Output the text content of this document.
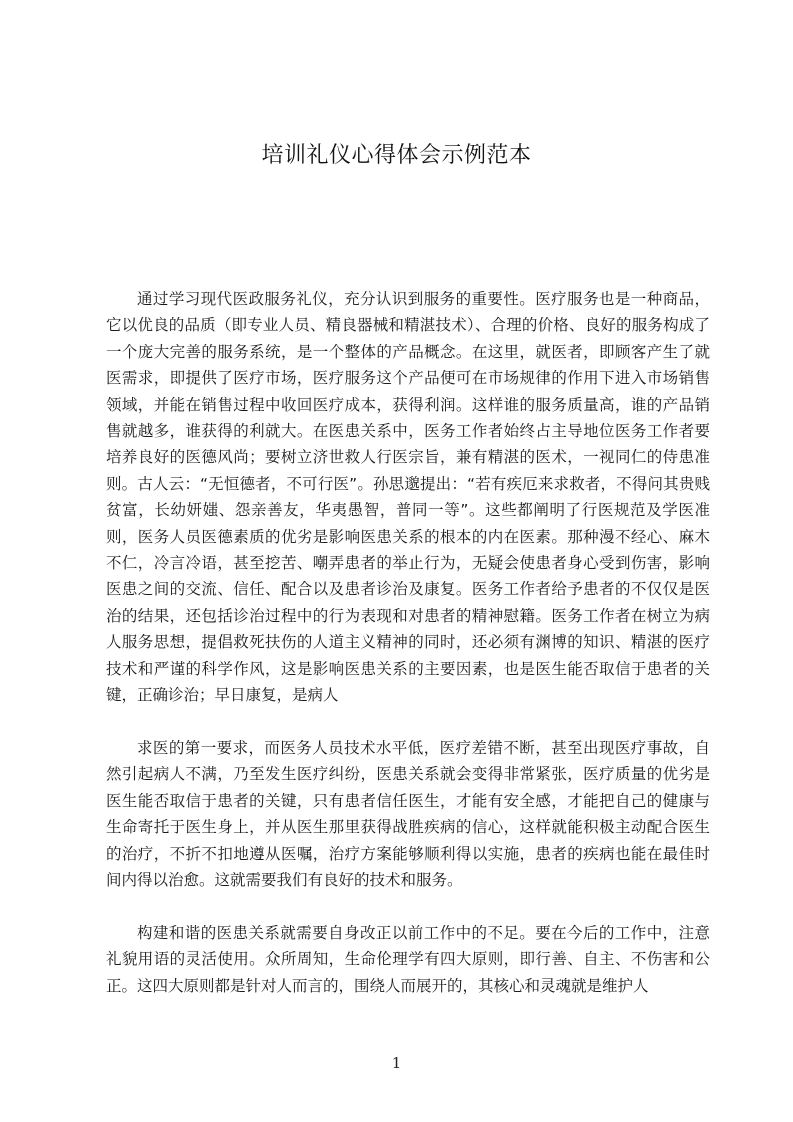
培训礼仪心得体会示例范本

通过学习现代医政服务礼仪，充分认识到服务的重要性。医疗服务也是一种商品，它以优良的品质（即专业人员、精良器械和精湛技术）、合理的价格、良好的服务构成了一个庞大完善的服务系统，是一个整体的产品概念。在这里，就医者，即顾客产生了就医需求，即提供了医疗市场，医疗服务这个产品便可在市场规律的作用下进入市场销售领域，并能在销售过程中收回医疗成本，获得利润。这样谁的服务质量高，谁的产品销售就越多，谁获得的利就大。在医患关系中，医务工作者始终占主导地位医务工作者要培养良好的医德风尚；要树立济世救人行医宗旨，兼有精湛的医术，一视同仁的侍患准则。古人云：“无恒德者，不可行医”。孙思邈提出：“若有疾厄来求救者，不得问其贵贱贫富，长幼妍媸、怨亲善友，华夷愚智，普同一等”。这些都阐明了行医规范及学医准则，医务人员医德素质的优劣是影响医患关系的根本的内在医素。那种漫不经心、麻木不仁，冷言冷语，甚至挖苦、嘲弄患者的举止行为，无疑会使患者身心受到伤害，影响医患之间的交流、信任、配合以及患者诊治及康复。医务工作者给予患者的不仅仅是医治的结果，还包括诊治过程中的行为表现和对患者的精神慰籍。医务工作者在树立为病人服务思想，提倡救死扶伤的人道主义精神的同时，还必须有渊博的知识、精湛的医疗技术和严谨的科学作风，这是影响医患关系的主要因素，也是医生能否取信于患者的关键，正确诊治；早日康复，是病人

求医的第一要求，而医务人员技术水平低，医疗差错不断，甚至出现医疗事故，自然引起病人不满，乃至发生医疗纠纷，医患关系就会变得非常紧张，医疗质量的优劣是医生能否取信于患者的关键，只有患者信任医生，才能有安全感，才能把自己的健康与生命寄托于医生身上，并从医生那里获得战胜疾病的信心，这样就能积极主动配合医生的治疗，不折不扣地遵从医嘱，治疗方案能够顺利得以实施，患者的疾病也能在最佳时间内得以治愈。这就需要我们有良好的技术和服务。

构建和谐的医患关系就需要自身改正以前工作中的不足。要在今后的工作中，注意礼貌用语的灵活使用。众所周知，生命伦理学有四大原则，即行善、自主、不伤害和公正。这四大原则都是针对人而言的，围绕人而展开的，其核心和灵魂就是维护人

1
